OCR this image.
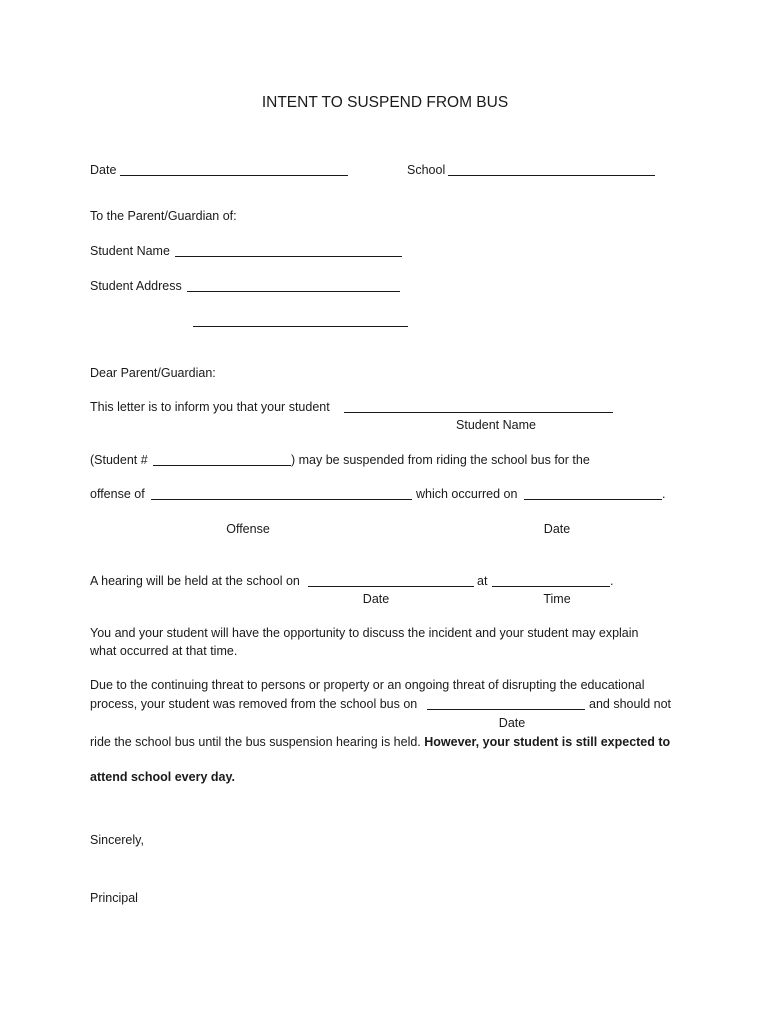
INTENT TO SUSPEND FROM BUS
Date	School
To the Parent/Guardian of:
Student Name
Student Address
Dear Parent/Guardian:
This letter is to inform you that your student
Student Name
(Student #	) may be suspended from riding the school bus for the
offense of	which occurred on	.
Offense	Date
A hearing will be held at the school on	at	.
Date	Time
You and your student will have the opportunity to discuss the incident and your student may explain
what occurred at that time.
Due to the continuing threat to persons or property or an ongoing threat of disrupting the educational
process, your student was removed from the school bus on	and should not
Date
ride the school bus until the bus suspension hearing is held. However, your student is still expected to
attend school every day.
Sincerely,
Principal
